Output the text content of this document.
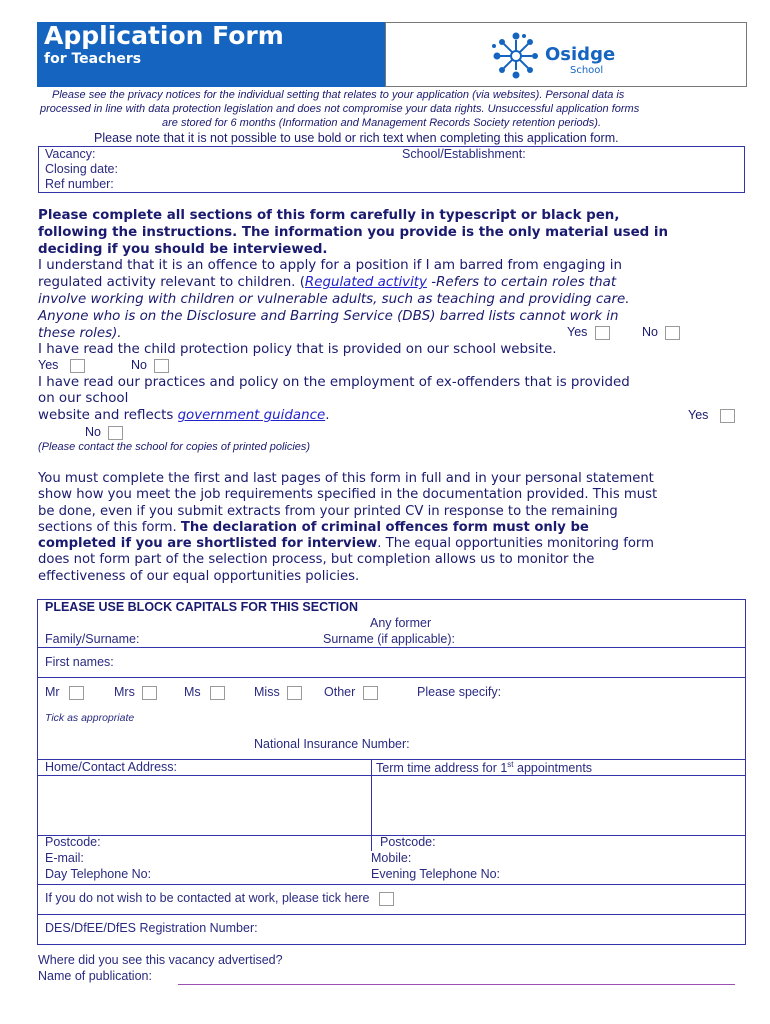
Application Form
for Teachers	Osidge
School
Please see the privacy notices for the individual setting that relates to your application (via websites). Personal data is
processed in line with data protection legislation and does not compromise your data rights. Unsuccessful application forms
are stored for 6 months (Information and Management Records Society retention periods).
Please note that it is not possible to use bold or rich text when completing this application form.
Vacancy:	School/Establishment:
Closing date:
Ref number:
Please complete all sections of this form carefully in typescript or black pen,
following the instructions. The information you provide is the only material used in
deciding if you should be interviewed.
I understand that it is an offence to apply for a position if I am barred from engaging in
regulated activity relevant to children. (Regulated activity -Refers to certain roles that
involve working with children or vulnerable adults, such as teaching and providing care.
Anyone who is on the Disclosure and Barring Service (DBS) barred lists cannot work in
these roles).	Yes	No
I have read the child protection policy that is provided on our school website.
Yes	No
I have read our practices and policy on the employment of ex-offenders that is provided
on our school
website and reflects government guidance.	Yes
No
(Please contact the school for copies of printed policies)
You must complete the first and last pages of this form in full and in your personal statement
show how you meet the job requirements specified in the documentation provided. This must
be done, even if you submit extracts from your printed CV in response to the remaining
sections of this form. The declaration of criminal offences form must only be
completed if you are shortlisted for interview. The equal opportunities monitoring form
does not form part of the selection process, but completion allows us to monitor the
effectiveness of our equal opportunities policies.
PLEASE USE BLOCK CAPITALS FOR THIS SECTION
Any former
Family/Surname:	Surname (if applicable):
First names:
Mr	Mrs	Ms	Miss	Other	Please specify:
Tick as appropriate
National Insurance Number:
Home/Contact Address:	Term time address for 1st appointments
Postcode:	Postcode:
E-mail:	Mobile:
Day Telephone No:	Evening Telephone No:
If you do not wish to be contacted at work, please tick here
DES/DfEE/DfES Registration Number:
Where did you see this vacancy advertised?
Name of publication:
